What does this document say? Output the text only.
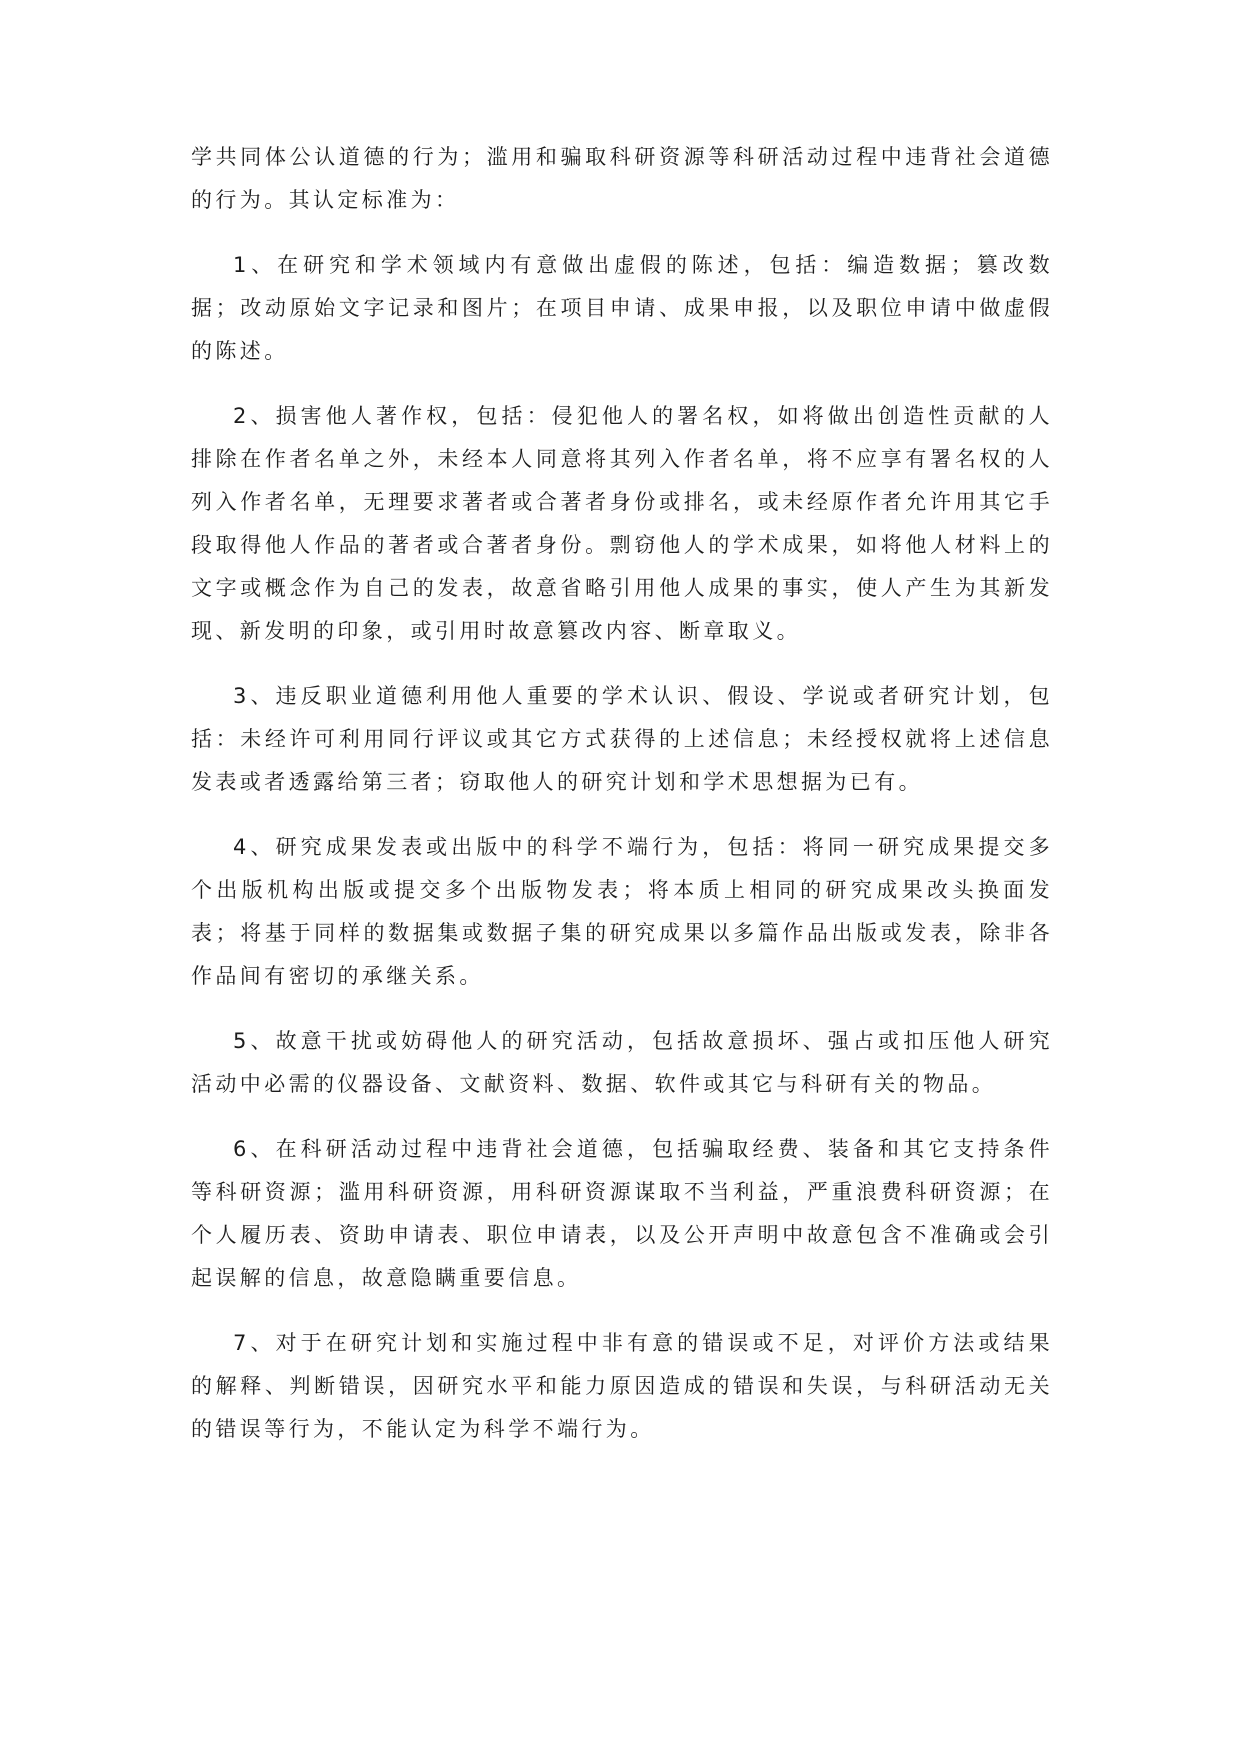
学共同体公认道德的行为；滥用和骗取科研资源等科研活动过程中违背社会道德的行为。其认定标准为：

1、在研究和学术领域内有意做出虚假的陈述，包括：编造数据；篡改数据；改动原始文字记录和图片；在项目申请、成果申报，以及职位申请中做虚假的陈述。

2、损害他人著作权，包括：侵犯他人的署名权，如将做出创造性贡献的人排除在作者名单之外，未经本人同意将其列入作者名单，将不应享有署名权的人列入作者名单，无理要求著者或合著者身份或排名，或未经原作者允许用其它手段取得他人作品的著者或合著者身份。剽窃他人的学术成果，如将他人材料上的文字或概念作为自己的发表，故意省略引用他人成果的事实，使人产生为其新发现、新发明的印象，或引用时故意篡改内容、断章取义。

3、违反职业道德利用他人重要的学术认识、假设、学说或者研究计划，包括：未经许可利用同行评议或其它方式获得的上述信息；未经授权就将上述信息发表或者透露给第三者；窃取他人的研究计划和学术思想据为已有。

4、研究成果发表或出版中的科学不端行为，包括：将同一研究成果提交多个出版机构出版或提交多个出版物发表；将本质上相同的研究成果改头换面发表；将基于同样的数据集或数据子集的研究成果以多篇作品出版或发表，除非各作品间有密切的承继关系。

5、故意干扰或妨碍他人的研究活动，包括故意损坏、强占或扣压他人研究活动中必需的仪器设备、文献资料、数据、软件或其它与科研有关的物品。

6、在科研活动过程中违背社会道德，包括骗取经费、装备和其它支持条件等科研资源；滥用科研资源，用科研资源谋取不当利益，严重浪费科研资源；在个人履历表、资助申请表、职位申请表，以及公开声明中故意包含不准确或会引起误解的信息，故意隐瞒重要信息。

7、对于在研究计划和实施过程中非有意的错误或不足，对评价方法或结果的解释、判断错误，因研究水平和能力原因造成的错误和失误，与科研活动无关的错误等行为，不能认定为科学不端行为。
